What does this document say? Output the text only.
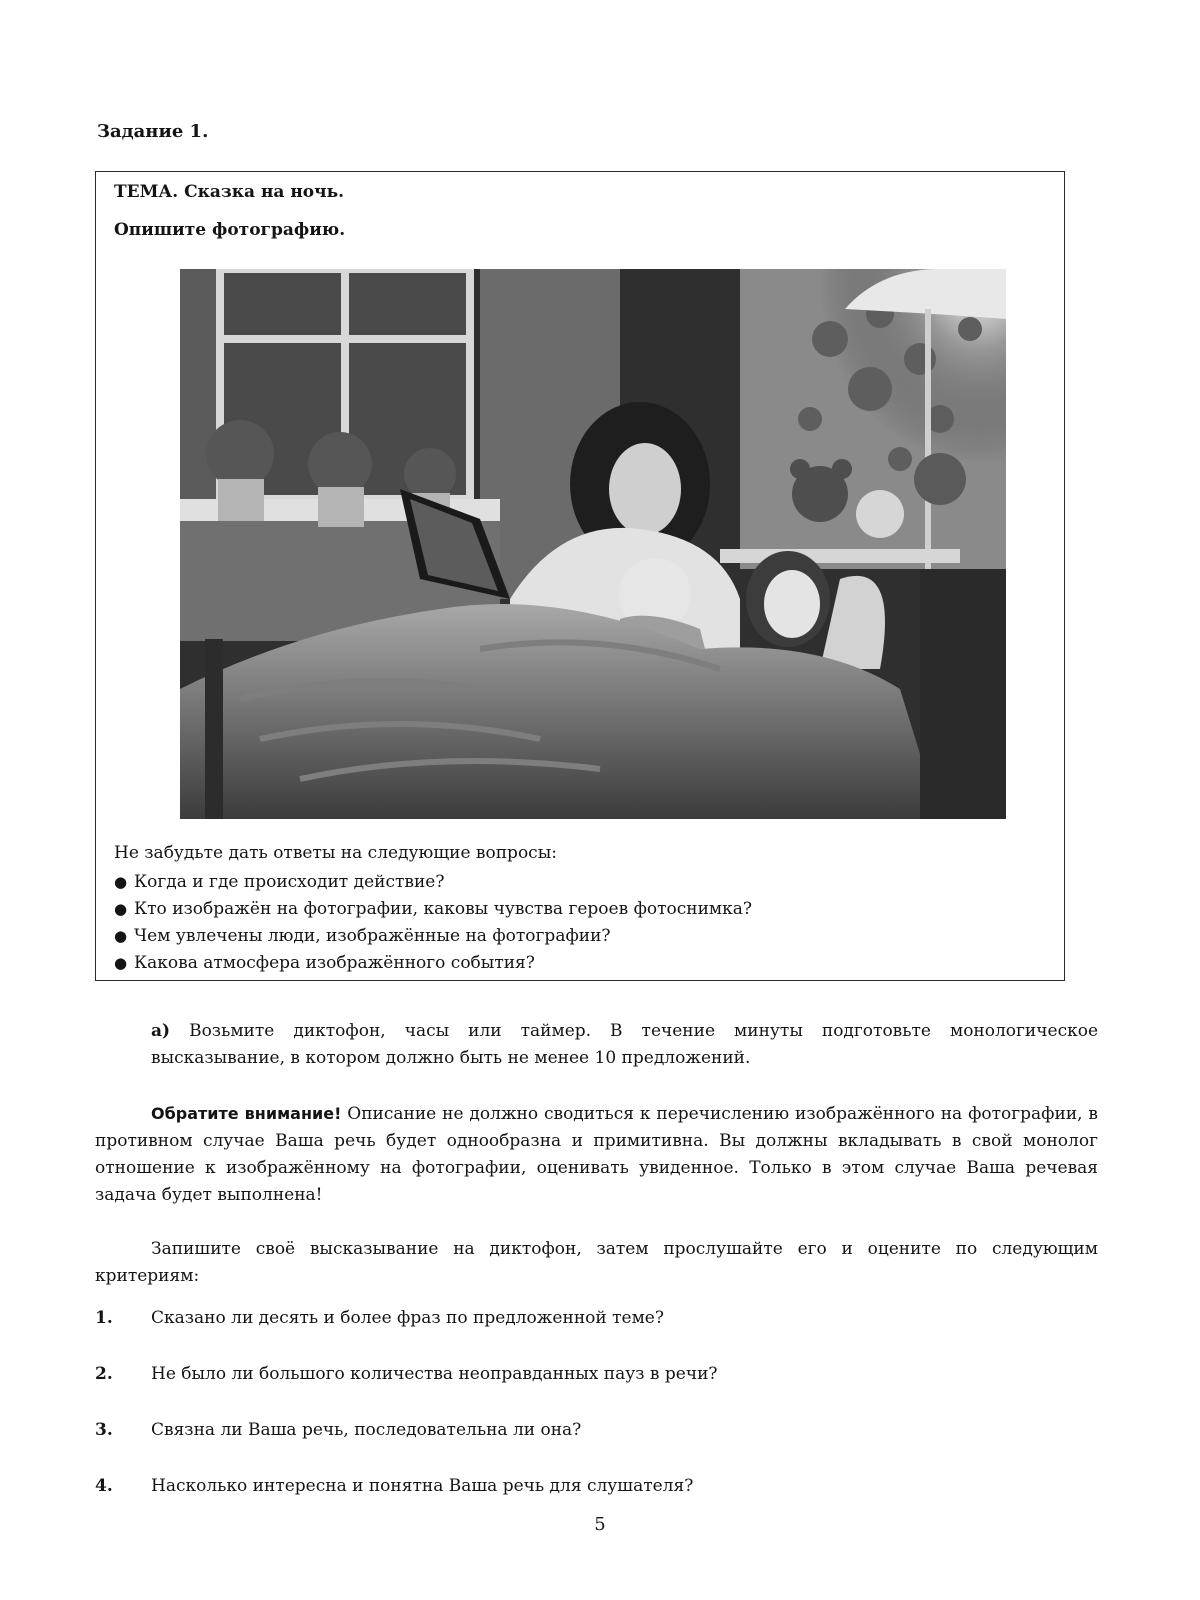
Задание 1.
ТЕМА. Сказка на ночь.
Опишите фотографию.
Не забудьте дать ответы на следующие вопросы:
● Когда и где происходит действие?
● Кто изображён на фотографии, каковы чувства героев фотоснимка?
● Чем увлечены люди, изображённые на фотографии?
● Какова атмосфера изображённого события?
а) Возьмите диктофон, часы или таймер. В течение минуты подготовьте монологическое высказывание, в котором должно быть не менее 10 предложений.
Обратите внимание! Описание не должно сводиться к перечислению изображённого на фотографии, в противном случае Ваша речь будет однообразна и примитивна. Вы должны вкладывать в свой монолог отношение к изображённому на фотографии, оценивать увиденное. Только в этом случае Ваша речевая задача будет выполнена!
Запишите своё высказывание на диктофон, затем прослушайте его и оцените по следующим критериям:
1. Сказано ли десять и более фраз по предложенной теме?
2. Не было ли большого количества неоправданных пауз в речи?
3. Связна ли Ваша речь, последовательна ли она?
4. Насколько интересна и понятна Ваша речь для слушателя?
5
